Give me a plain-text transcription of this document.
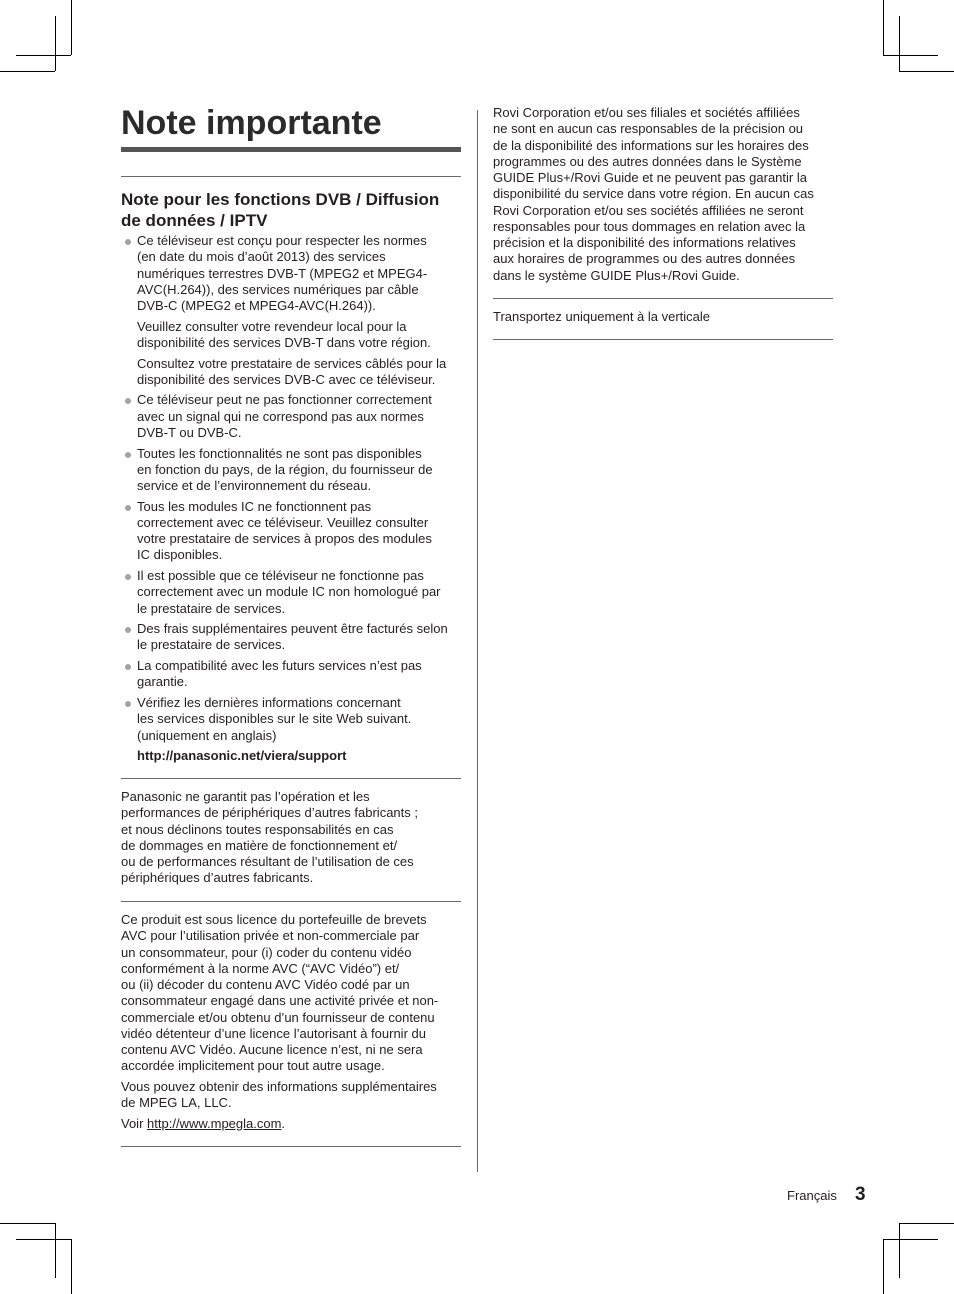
Note importante
Note pour les fonctions DVB / Diffusion
de données / IPTV
Ce téléviseur est conçu pour respecter les normes
(en date du mois d’août 2013) des services
numériques terrestres DVB-T (MPEG2 et MPEG4-
AVC(H.264)), des services numériques par câble
DVB-C (MPEG2 et MPEG4-AVC(H.264)).
Veuillez consulter votre revendeur local pour la
disponibilité des services DVB-T dans votre région.
Consultez votre prestataire de services câblés pour la
disponibilité des services DVB-C avec ce téléviseur.
Ce téléviseur peut ne pas fonctionner correctement
avec un signal qui ne correspond pas aux normes
DVB-T ou DVB-C.
Toutes les fonctionnalités ne sont pas disponibles
en fonction du pays, de la région, du fournisseur de
service et de l’environnement du réseau.
Tous les modules IC ne fonctionnent pas
correctement avec ce téléviseur. Veuillez consulter
votre prestataire de services à propos des modules
IC disponibles.
Il est possible que ce téléviseur ne fonctionne pas
correctement avec un module IC non homologué par
le prestataire de services.
Des frais supplémentaires peuvent être facturés selon
le prestataire de services.
La compatibilité avec les futurs services n’est pas
garantie.
Vérifiez les dernières informations concernant
les services disponibles sur le site Web suivant.
(uniquement en anglais)
http://panasonic.net/viera/support
Panasonic ne garantit pas l’opération et les
performances de périphériques d’autres fabricants ;
et nous déclinons toutes responsabilités en cas
de dommages en matière de fonctionnement et/
ou de performances résultant de l’utilisation de ces
périphériques d’autres fabricants.
Ce produit est sous licence du portefeuille de brevets
AVC pour l’utilisation privée et non-commerciale par
un consommateur, pour (i) coder du contenu vidéo
conformément à la norme AVC (“AVC Vidéo”) et/
ou (ii) décoder du contenu AVC Vidéo codé par un
consommateur engagé dans une activité privée et non-
commerciale et/ou obtenu d’un fournisseur de contenu
vidéo détenteur d’une licence l’autorisant à fournir du
contenu AVC Vidéo. Aucune licence n’est, ni ne sera
accordée implicitement pour tout autre usage.
Vous pouvez obtenir des informations supplémentaires
de MPEG LA, LLC.
Voir http://www.mpegla.com.
Rovi Corporation et/ou ses filiales et sociétés affiliées
ne sont en aucun cas responsables de la précision ou
de la disponibilité des informations sur les horaires des
programmes ou des autres données dans le Système
GUIDE Plus+/Rovi Guide et ne peuvent pas garantir la
disponibilité du service dans votre région. En aucun cas
Rovi Corporation et/ou ses sociétés affiliées ne seront
responsables pour tous dommages en relation avec la
précision et la disponibilité des informations relatives
aux horaires de programmes ou des autres données
dans le système GUIDE Plus+/Rovi Guide.
Transportez uniquement à la verticale
Français 3
